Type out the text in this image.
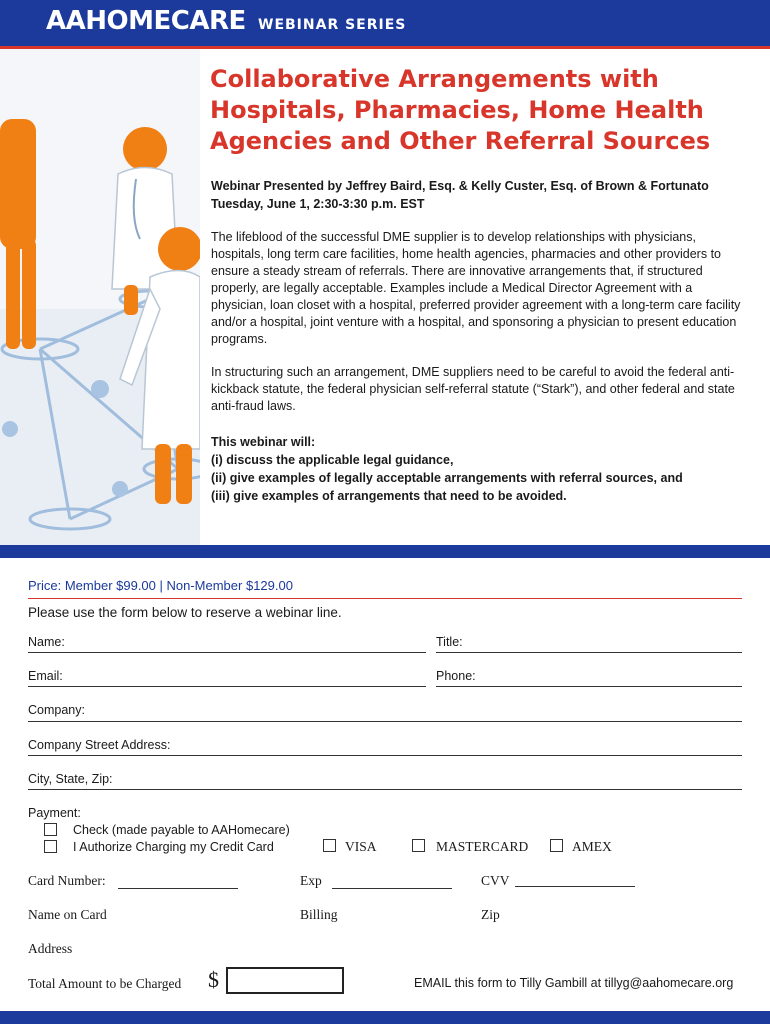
AAHOMECARE WEBINAR SERIES
Collaborative Arrangements with
Hospitals, Pharmacies, Home Health
Agencies and Other Referral Sources
Webinar Presented by Jeffrey Baird, Esq. & Kelly Custer, Esq. of Brown & Fortunato
Tuesday, June 1, 2:30-3:30 p.m. EST

The lifeblood of the successful DME supplier is to develop relationships with physicians, hospitals, long term care facilities, home health agencies, pharmacies and other providers to ensure a steady stream of referrals. There are innovative arrangements that, if structured properly, are legally acceptable. Examples include a Medical Director Agreement with a physician, loan closet with a hospital, preferred provider agreement with a long-term care facility and/or a hospital, joint venture with a hospital, and sponsoring a physician to present education programs.

In structuring such an arrangement, DME suppliers need to be careful to avoid the federal anti-kickback statute, the federal physician self-referral statute (“Stark”), and other federal and state anti-fraud laws.

This webinar will:
(i) discuss the applicable legal guidance,
(ii) give examples of legally acceptable arrangements with referral sources, and
(iii) give examples of arrangements that need to be avoided.
Price: Member $99.00 | Non-Member $129.00
Please use the form below to reserve a webinar line.
Name:	Title:
Email:	Phone:
Company:
Company Street Address:
City, State, Zip:
Payment:
Check (made payable to AAHomecare)
I Authorize Charging my Credit Card	VISA	MASTERCARD	AMEX
Card Number:	Exp	CVV
Name on Card	Billing	Zip
Address
Total Amount to be Charged $	EMAIL this form to Tilly Gambill at tillyg@aahomecare.org
